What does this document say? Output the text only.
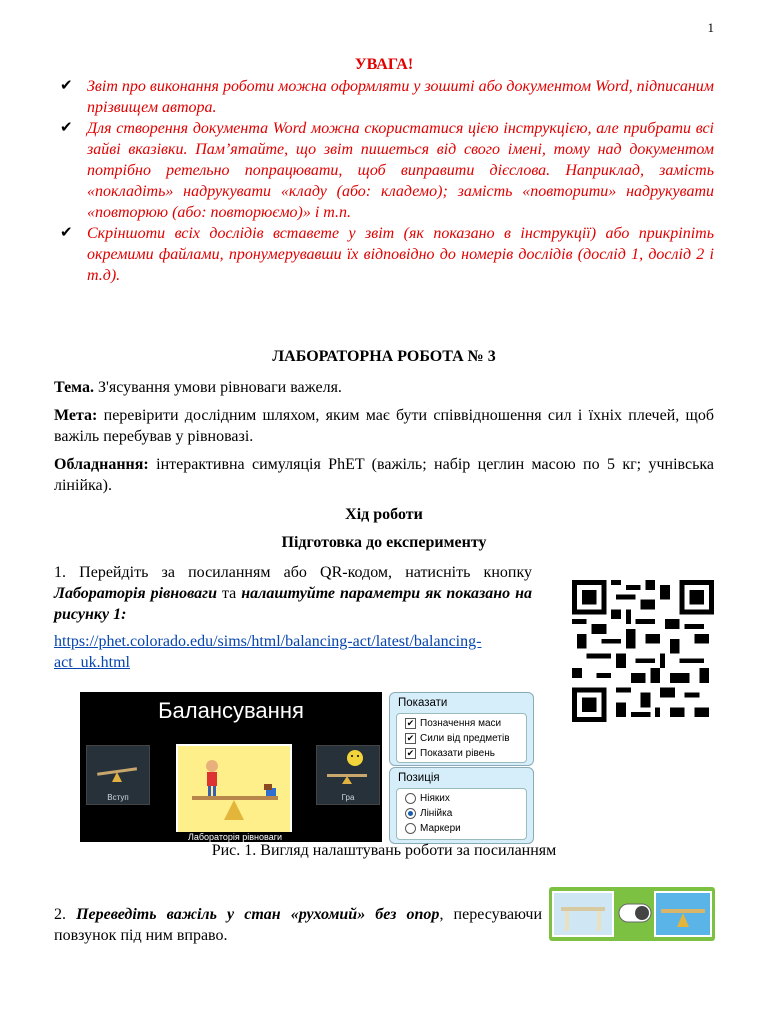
1
УВАГА!
✔ Звіт про виконання роботи можна оформляти у зошиті або документом Word, підписаним прізвищем автора.
✔ Для створення документа Word можна скористатися цією інструкцією, але прибрати всі зайві вказівки. Пам’ятайте, що звіт пишеться від свого імені, тому над документом потрібно ретельно попрацювати, щоб виправити дієслова. Наприклад, замість «покладіть» надрукувати «кладу (або: кладемо); замість «повторити» надрукувати «повторюю (або: повторюємо)» і т.п.
✔ Скріншоти всіх дослідів вставете у звіт (як показано в інструкції) або прикріпіть окремими файлами, пронумерувавши їх відповідно до номерів дослідів (дослід 1, дослід 2 і т.д).
ЛАБОРАТОРНА РОБОТА № 3

Тема. З'ясування умови рівноваги важеля.

Мета: перевірити дослідним шляхом, яким має бути співвідношення сил і їхніх плечей, щоб важіль перебував у рівновазі.

Обладнання: інтерактивна симуляція PhET (важіль; набір цеглин масою по 5 кг; учнівська лінійка).

Хід роботи
Підготовка до експерименту

1. Перейдіть за посиланням або QR-кодом, натисніть кнопку Лабораторія рівноваги та налаштуйте параметри як показано на рисунку 1:

https://phet.colorado.edu/sims/html/balancing-act/latest/balancing-act_uk.html

Балансування
Вступ	Гра
Лабораторія рівноваги
Показати
✔ Позначення маси
✔ Сили від предметів
✔ Показати рівень
Позиція
Ніяких
Лінійка
Маркери
Рис. 1. Вигляд налаштувань роботи за посиланням

2. Переведіть важіль у стан «рухомий» без опор, пересуваючи повзунок під ним вправо.
